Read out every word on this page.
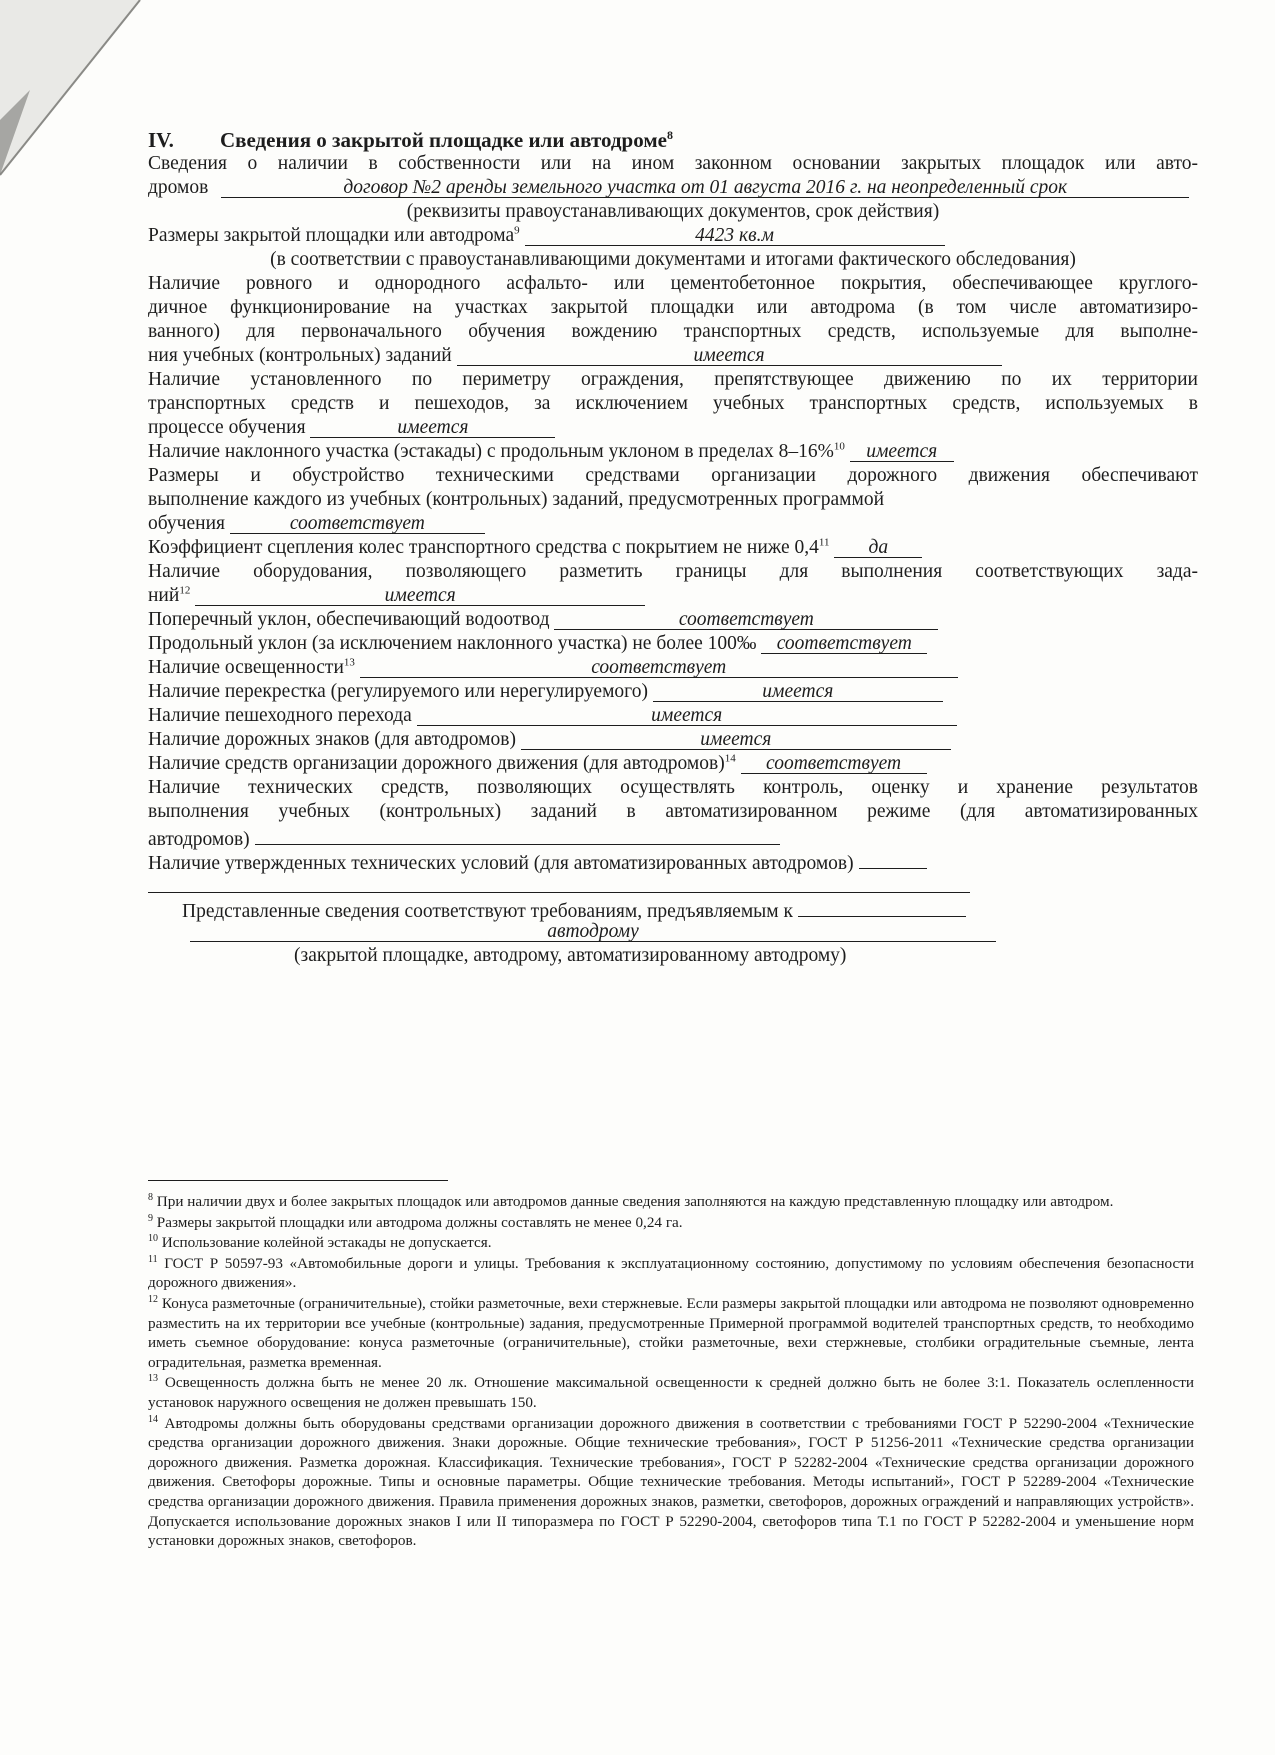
IV.	Сведения о закрытой площадке или автодроме$^8$
Сведения о наличии в собственности или на ином законном основании закрытых площадок или авто-
дромов	договор №2 аренды земельного участка от 01 августа 2016 г. на неопределенный срок
(реквизиты правоустанавливающих документов, срок действия)
Размеры закрытой площадки или автодрома$^9$	4423 кв.м
(в соответствии с правоустанавливающими документами и итогами фактического обследования)
Наличие ровного и однородного асфальто- или цементобетонное покрытия, обеспечивающее круглого-
дичное функционирование на участках закрытой площадки или автодрома (в том числе автоматизиро-
ванного) для первоначального обучения вождению транспортных средств, используемые для выполне-
ния учебных (контрольных) заданий	имеется
Наличие установленного по периметру ограждения, препятствующее движению по их территории
транспортных средств и пешеходов, за исключением учебных транспортных средств, используемых в
процессе обучения	имеется
Наличие наклонного участка (эстакады) с продольным уклоном в пределах 8–16%$^{10}$ имеется
Размеры и обустройство техническими средствами организации дорожного движения обеспечивают
выполнение каждого из учебных (контрольных) заданий, предусмотренных программой
обучения	соответствует
Коэффициент сцепления колес транспортного средства с покрытием не ниже $0,4^{11}$ да
Наличие оборудования, позволяющего разметить границы для выполнения соответствующих зада-
ний$^{12}$	имеется
Поперечный уклон, обеспечивающий водоотвод	соответствует
Продольный уклон (за исключением наклонного участка) не более 100‰ соответствует
Наличие освещенности$^{13}$	соответствует
Наличие перекрестка (регулируемого или нерегулируемого)	имеется
Наличие пешеходного перехода	имеется
Наличие дорожных знаков (для автодромов)	имеется
Наличие средств организации дорожного движения (для автодромов)$^{14}$ соответствует
Наличие технических средств, позволяющих осуществлять контроль, оценку и хранение результатов
выполнения учебных (контрольных) заданий в автоматизированном режиме (для автоматизированных
автодромов)
Наличие утвержденных технических условий (для автоматизированных автодромов)
Представленные сведения соответствуют требованиям, предъявляемым к
автодрому
(закрытой площадке, автодрому, автоматизированному автодрому)

$^8$ При наличии двух и более закрытых площадок или автодромов данные сведения заполняются на каждую представленную площадку или автодром.

$^9$ Размеры закрытой площадки или автодрома должны составлять не менее 0,24 га.

$^{10}$ Использование колейной эстакады не допускается.

$^{11}$ ГОСТ Р 50597-93 «Автомобильные дороги и улицы. Требования к эксплуатационному состоянию, допустимому по условиям обеспечения безопасности дорожного движения».

$^{12}$ Конуса разметочные (ограничительные), стойки разметочные, вехи стержневые. Если размеры закрытой площадки или автодрома не позволяют одновременно разместить на их территории все учебные (контрольные) задания, предусмотренные Примерной программой водителей транспортных средств, то необходимо иметь съемное оборудование: конуса разметочные (ограничительные), стойки разметочные, вехи стержневые, столбики оградительные съемные, лента оградительная, разметка временная.

$^{13}$ Освещенность должна быть не менее 20 лк. Отношение максимальной освещенности к средней должно быть не более 3:1. Показатель ослепленности установок наружного освещения не должен превышать 150.

$^{14}$ Автодромы должны быть оборудованы средствами организации дорожного движения в соответствии с требованиями ГОСТ Р 52290-2004 «Технические средства организации дорожного движения. Знаки дорожные. Общие технические требования», ГОСТ Р 51256-2011 «Технические средства организации дорожного движения. Разметка дорожная. Классификация. Технические требования», ГОСТ Р 52282-2004 «Технические средства организации дорожного движения. Светофоры дорожные. Типы и основные параметры. Общие технические требования. Методы испытаний», ГОСТ Р 52289-2004 «Технические средства организации дорожного движения. Правила применения дорожных знаков, разметки, светофоров, дорожных ограждений и направляющих устройств». Допускается использование дорожных знаков I или II типоразмера по ГОСТ Р 52290-2004, светофоров типа Т.1 по ГОСТ Р 52282-2004 и уменьшение норм установки дорожных знаков, светофоров.
